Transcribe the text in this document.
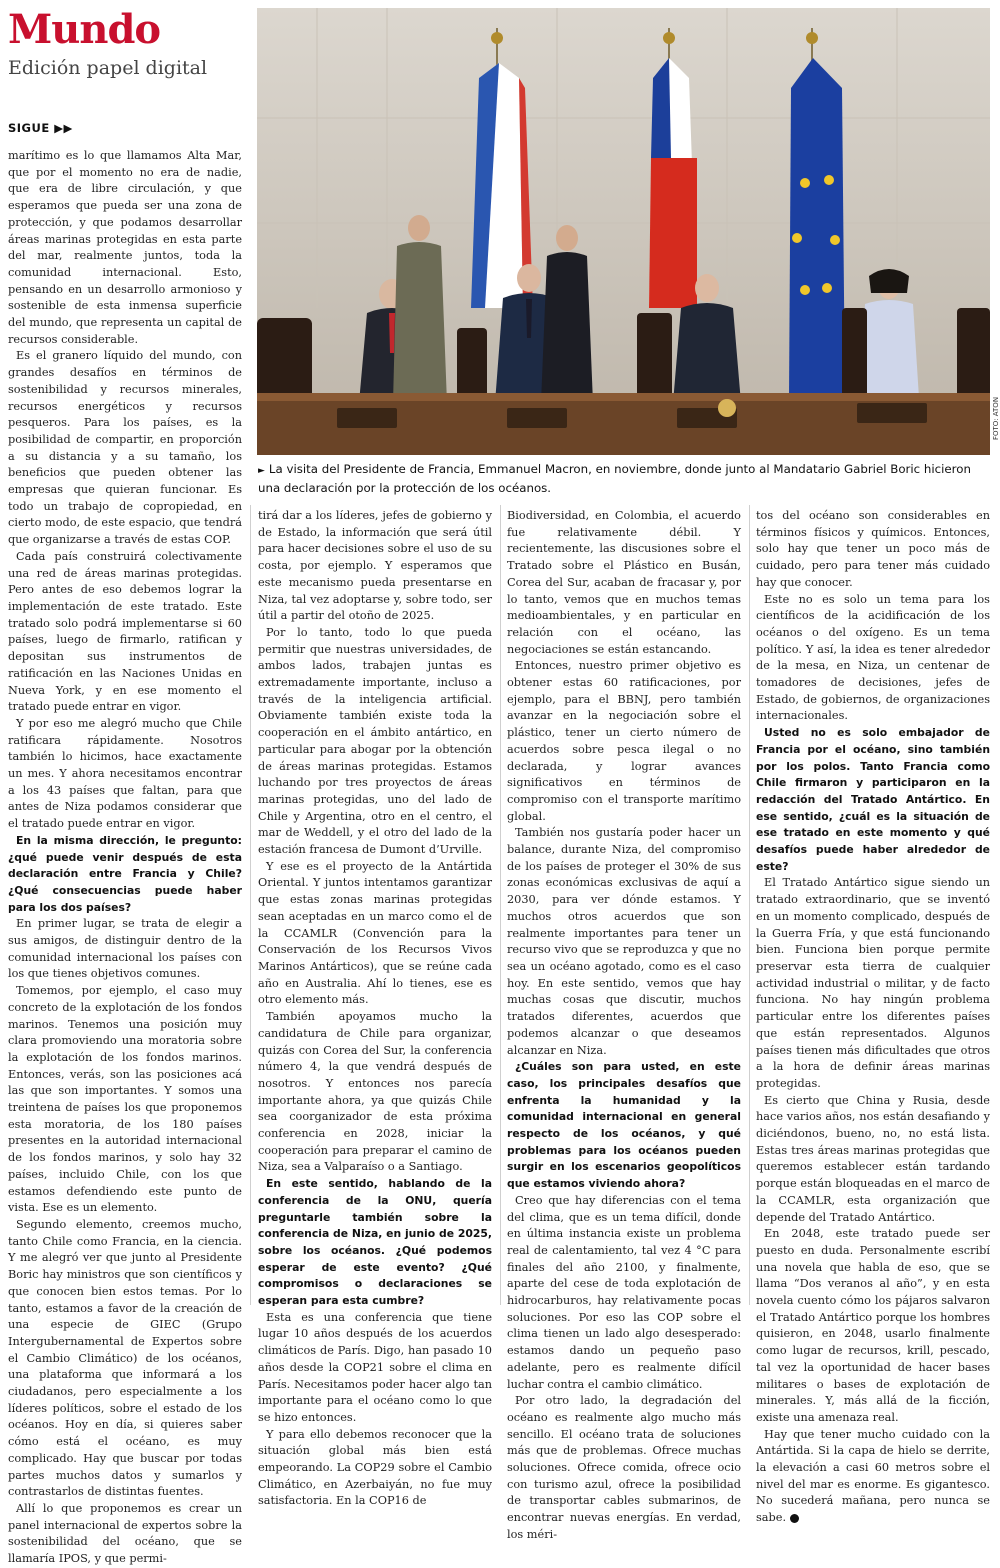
Mundo
Edición papel digital
SIGUE ▶▶
FOTO: ATON
► La visita del Presidente de Francia, Emmanuel Macron, en noviembre, donde junto al Mandatario Gabriel Boric hicieron una declaración por la protección de los océanos.

marítimo es lo que llamamos Alta Mar, que por el momento no era de nadie, que era de libre circulación, y que esperamos que pueda ser una zona de protección, y que podamos desarrollar áreas marinas protegidas en esta parte del mar, realmente juntos, toda la comunidad internacional. Esto, pensando en un desarrollo armonioso y sostenible de esta inmensa superficie del mundo, que representa un capital de recursos considerable.

Es el granero líquido del mundo, con grandes desafíos en términos de sostenibilidad y recursos minerales, recursos energéticos y recursos pesqueros. Para los países, es la posibilidad de compartir, en proporción a su distancia y a su tamaño, los beneficios que pueden obtener las empresas que quieran funcionar. Es todo un trabajo de copropiedad, en cierto modo, de este espacio, que tendrá que organizarse a través de estas COP.

Cada país construirá colectivamente una red de áreas marinas protegidas. Pero antes de eso debemos lograr la implementación de este tratado. Este tratado solo podrá implementarse si 60 países, luego de firmarlo, ratifican y depositan sus instrumentos de ratificación en las Naciones Unidas en Nueva York, y en ese momento el tratado puede entrar en vigor.

Y por eso me alegró mucho que Chile ratificara rápidamente. Nosotros también lo hicimos, hace exactamente un mes. Y ahora necesitamos encontrar a los 43 países que faltan, para que antes de Niza podamos considerar que el tratado puede entrar en vigor.

En la misma dirección, le pregunto: ¿qué puede venir después de esta declaración entre Francia y Chile? ¿Qué consecuencias puede haber para los dos países?

En primer lugar, se trata de elegir a sus amigos, de distinguir dentro de la comunidad internacional los países con los que tienes objetivos comunes.

Tomemos, por ejemplo, el caso muy concreto de la explotación de los fondos marinos. Tenemos una posición muy clara promoviendo una moratoria sobre la explotación de los fondos marinos. Entonces, verás, son las posiciones acá las que son importantes. Y somos una treintena de países los que proponemos esta moratoria, de los 180 países presentes en la autoridad internacional de los fondos marinos, y solo hay 32 países, incluido Chile, con los que estamos defendiendo este punto de vista. Ese es un elemento.

Segundo elemento, creemos mucho, tanto Chile como Francia, en la ciencia. Y me alegró ver que junto al Presidente Boric hay ministros que son científicos y que conocen bien estos temas. Por lo tanto, estamos a favor de la creación de una especie de GIEC (Grupo Intergubernamental de Expertos sobre el Cambio Climático) de los océanos, una plataforma que informará a los ciudadanos, pero especialmente a los líderes políticos, sobre el estado de los océanos. Hoy en día, si quieres saber cómo está el océano, es muy complicado. Hay que buscar por todas partes muchos datos y sumarlos y contrastarlos de distintas fuentes.

Allí lo que proponemos es crear un panel internacional de expertos sobre la sostenibilidad del océano, que se llamaría IPOS, y que permi-

tirá dar a los líderes, jefes de gobierno y de Estado, la información que será útil para hacer decisiones sobre el uso de su costa, por ejemplo. Y esperamos que este mecanismo pueda presentarse en Niza, tal vez adoptarse y, sobre todo, ser útil a partir del otoño de 2025.

Por lo tanto, todo lo que pueda permitir que nuestras universidades, de ambos lados, trabajen juntas es extremadamente importante, incluso a través de la inteligencia artificial. Obviamente también existe toda la cooperación en el ámbito antártico, en particular para abogar por la obtención de áreas marinas protegidas. Estamos luchando por tres proyectos de áreas marinas protegidas, uno del lado de Chile y Argentina, otro en el centro, el mar de Weddell, y el otro del lado de la estación francesa de Dumont d’Urville.

Y ese es el proyecto de la Antártida Oriental. Y juntos intentamos garantizar que estas zonas marinas protegidas sean aceptadas en un marco como el de la CCAMLR (Convención para la Conservación de los Recursos Vivos Marinos Antárticos), que se reúne cada año en Australia. Ahí lo tienes, ese es otro elemento más.

También apoyamos mucho la candidatura de Chile para organizar, quizás con Corea del Sur, la conferencia número 4, la que vendrá después de nosotros. Y entonces nos parecía importante ahora, ya que quizás Chile sea coorganizador de esta próxima conferencia en 2028, iniciar la cooperación para preparar el camino de Niza, sea a Valparaíso o a Santiago.

En este sentido, hablando de la conferencia de la ONU, quería preguntarle también sobre la conferencia de Niza, en junio de 2025, sobre los océanos. ¿Qué podemos esperar de este evento? ¿Qué compromisos o declaraciones se esperan para esta cumbre?

Esta es una conferencia que tiene lugar 10 años después de los acuerdos climáticos de París. Digo, han pasado 10 años desde la COP21 sobre el clima en París. Necesitamos poder hacer algo tan importante para el océano como lo que se hizo entonces.

Y para ello debemos reconocer que la situación global más bien está empeorando. La COP29 sobre el Cambio Climático, en Azerbaiyán, no fue muy satisfactoria. En la COP16 de

Biodiversidad, en Colombia, el acuerdo fue relativamente débil. Y recientemente, las discusiones sobre el Tratado sobre el Plástico en Busán, Corea del Sur, acaban de fracasar y, por lo tanto, vemos que en muchos temas medioambientales, y en particular en relación con el océano, las negociaciones se están estancando.

Entonces, nuestro primer objetivo es obtener estas 60 ratificaciones, por ejemplo, para el BBNJ, pero también avanzar en la negociación sobre el plástico, tener un cierto número de acuerdos sobre pesca ilegal o no declarada, y lograr avances significativos en términos de compromiso con el transporte marítimo global.

También nos gustaría poder hacer un balance, durante Niza, del compromiso de los países de proteger el 30% de sus zonas económicas exclusivas de aquí a 2030, para ver dónde estamos. Y muchos otros acuerdos que son realmente importantes para tener un recurso vivo que se reproduzca y que no sea un océano agotado, como es el caso hoy. En este sentido, vemos que hay muchas cosas que discutir, muchos tratados diferentes, acuerdos que podemos alcanzar o que deseamos alcanzar en Niza.

¿Cuáles son para usted, en este caso, los principales desafíos que enfrenta la humanidad y la comunidad internacional en general respecto de los océanos, y qué problemas para los océanos pueden surgir en los escenarios geopolíticos que estamos viviendo ahora?

Creo que hay diferencias con el tema del clima, que es un tema difícil, donde en última instancia existe un problema real de calentamiento, tal vez 4 °C para finales del año 2100, y finalmente, aparte del cese de toda explotación de hidrocarburos, hay relativamente pocas soluciones. Por eso las COP sobre el clima tienen un lado algo desesperado: estamos dando un pequeño paso adelante, pero es realmente difícil luchar contra el cambio climático.

Por otro lado, la degradación del océano es realmente algo mucho más sencillo. El océano trata de soluciones más que de problemas. Ofrece muchas soluciones. Ofrece comida, ofrece ocio con turismo azul, ofrece la posibilidad de transportar cables submarinos, de encontrar nuevas energías. En verdad, los méri-

tos del océano son considerables en términos físicos y químicos. Entonces, solo hay que tener un poco más de cuidado, pero para tener más cuidado hay que conocer.

Este no es solo un tema para los científicos de la acidificación de los océanos o del oxígeno. Es un tema político. Y así, la idea es tener alrededor de la mesa, en Niza, un centenar de tomadores de decisiones, jefes de Estado, de gobiernos, de organizaciones internacionales.

Usted no es solo embajador de Francia por el océano, sino también por los polos. Tanto Francia como Chile firmaron y participaron en la redacción del Tratado Antártico. En ese sentido, ¿cuál es la situación de ese tratado en este momento y qué desafíos puede haber alrededor de este?

El Tratado Antártico sigue siendo un tratado extraordinario, que se inventó en un momento complicado, después de la Guerra Fría, y que está funcionando bien. Funciona bien porque permite preservar esta tierra de cualquier actividad industrial o militar, y de facto funciona. No hay ningún problema particular entre los diferentes países que están representados. Algunos países tienen más dificultades que otros a la hora de definir áreas marinas protegidas.

Es cierto que China y Rusia, desde hace varios años, nos están desafiando y diciéndonos, bueno, no, no está lista. Estas tres áreas marinas protegidas que queremos establecer están tardando porque están bloqueadas en el marco de la CCAMLR, esta organización que depende del Tratado Antártico.

En 2048, este tratado puede ser puesto en duda. Personalmente escribí una novela que habla de eso, que se llama “Dos veranos al año”, y en esta novela cuento cómo los pájaros salvaron el Tratado Antártico porque los hombres quisieron, en 2048, usarlo finalmente como lugar de recursos, krill, pescado, tal vez la oportunidad de hacer bases militares o bases de explotación de minerales. Y, más allá de la ficción, existe una amenaza real.

Hay que tener mucho cuidado con la Antártida. Si la capa de hielo se derrite, la elevación a casi 60 metros sobre el nivel del mar es enorme. Es gigantesco. No sucederá mañana, pero nunca se sabe.
